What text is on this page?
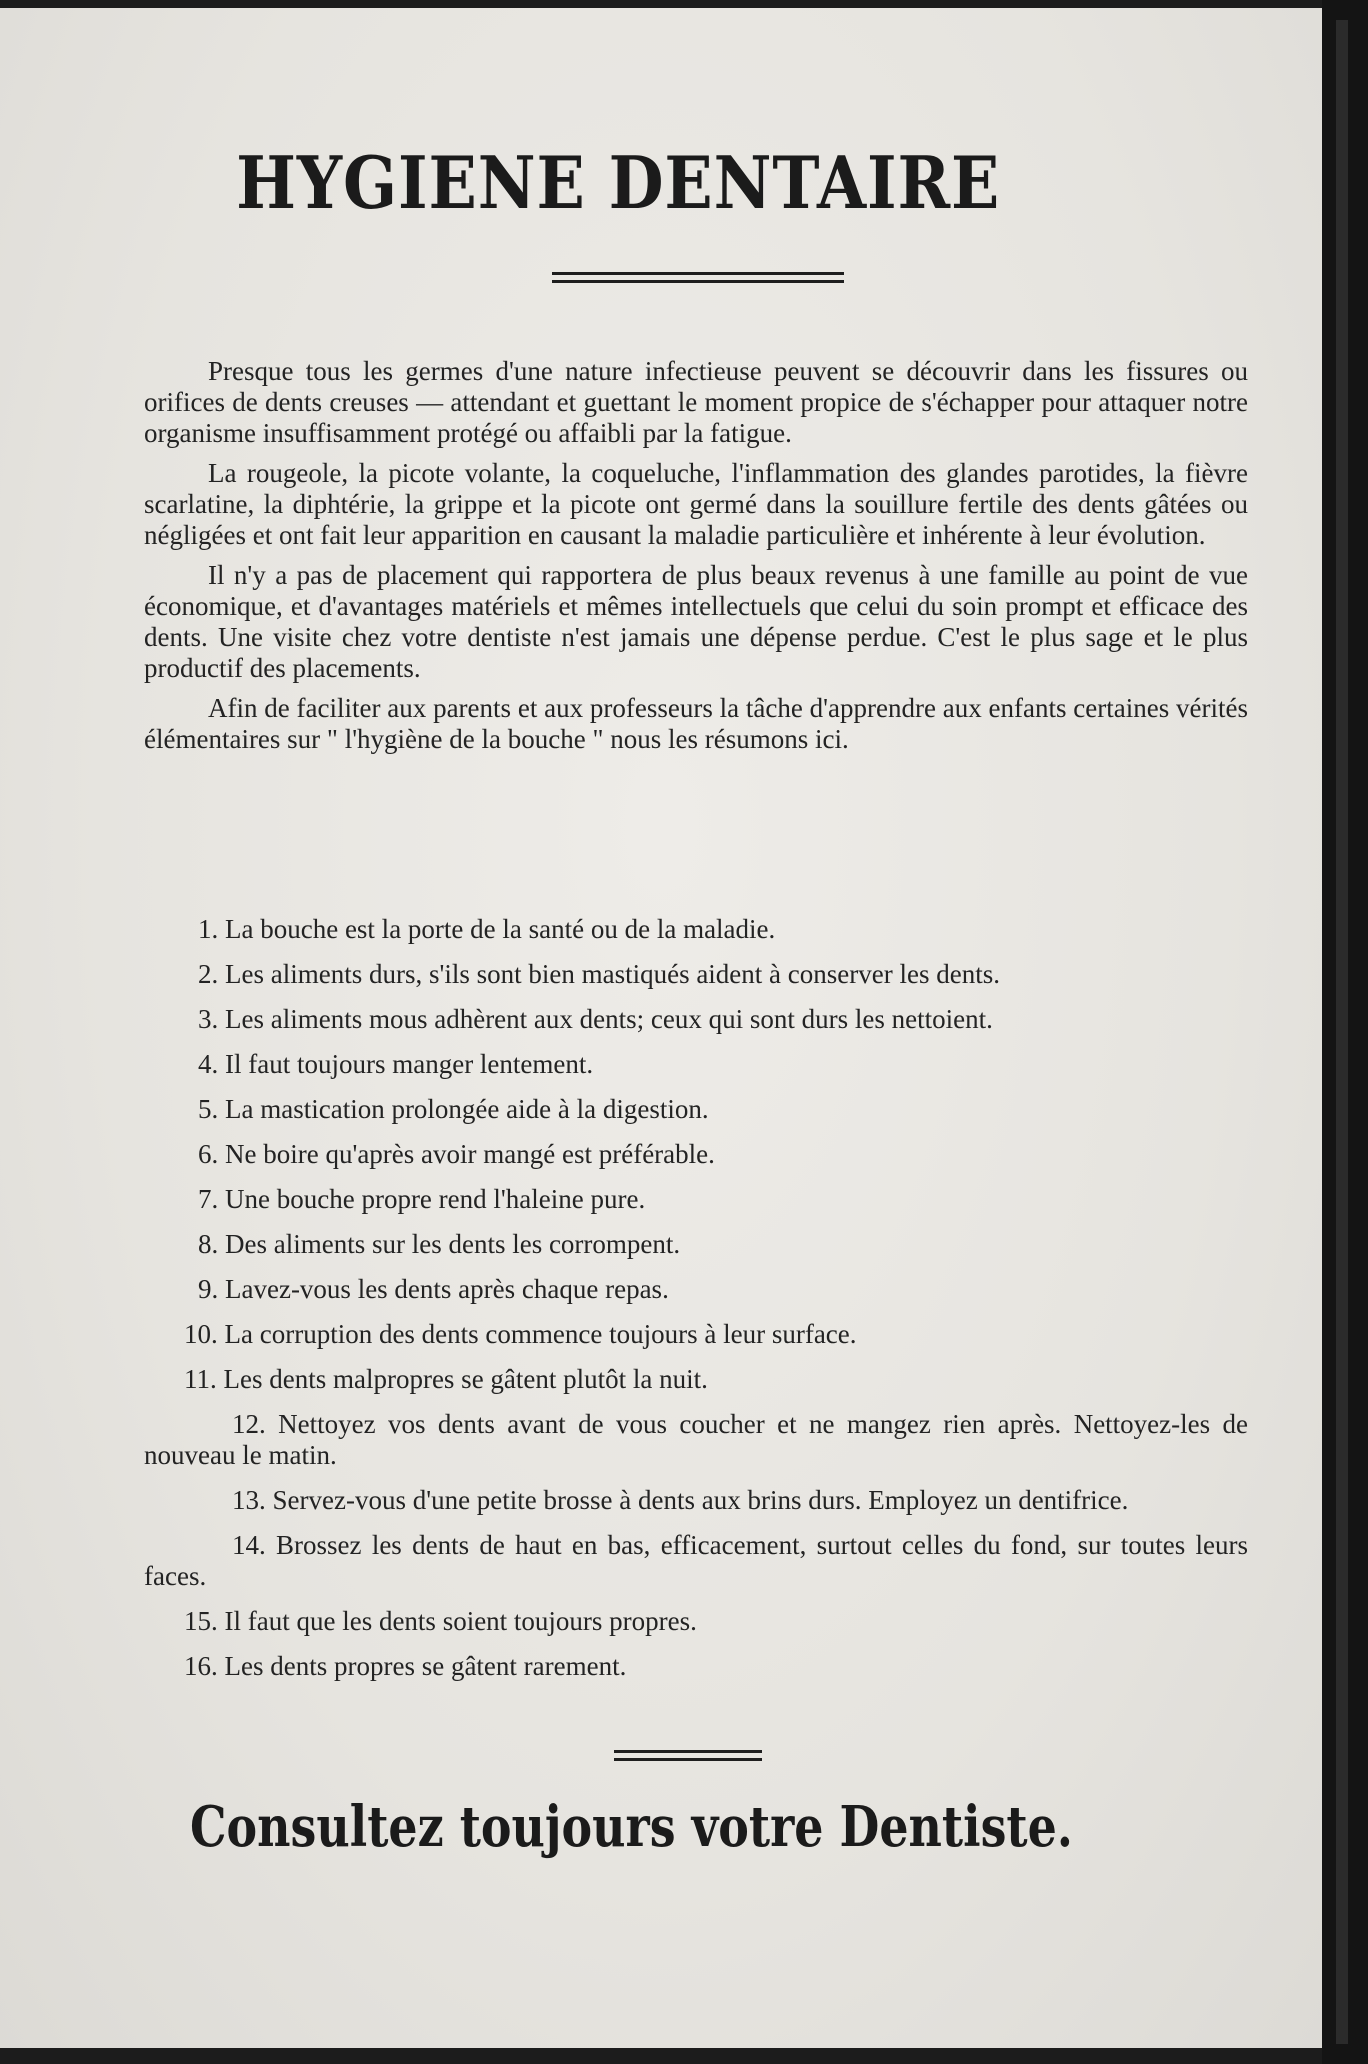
HYGIENE DENTAIRE

Presque tous les germes d'une nature infectieuse peuvent se découvrir dans les fissures ou orifices de dents creuses — attendant et guettant le moment propice de s'échapper pour attaquer notre organisme insuffisamment protégé ou affaibli par la fatigue.

La rougeole, la picote volante, la coqueluche, l'inflammation des glandes parotides, la fièvre scarlatine, la diphtérie, la grippe et la picote ont germé dans la souillure fertile des dents gâtées ou négligées et ont fait leur apparition en causant la maladie particulière et inhérente à leur évolution.

Il n'y a pas de placement qui rapportera de plus beaux revenus à une famille au point de vue économique, et d'avantages matériels et mêmes intellectuels que celui du soin prompt et efficace des dents. Une visite chez votre dentiste n'est jamais une dépense perdue. C'est le plus sage et le plus productif des placements.

Afin de faciliter aux parents et aux professeurs la tâche d'apprendre aux enfants certaines vérités élémentaires sur " l'hygiène de la bouche " nous les résumons ici.

1. La bouche est la porte de la santé ou de la maladie.
2. Les aliments durs, s'ils sont bien mastiqués aident à conserver les dents.
3. Les aliments mous adhèrent aux dents; ceux qui sont durs les nettoient.
4. Il faut toujours manger lentement.
5. La mastication prolongée aide à la digestion.
6. Ne boire qu'après avoir mangé est préférable.
7. Une bouche propre rend l'haleine pure.
8. Des aliments sur les dents les corrompent.
9. Lavez-vous les dents après chaque repas.
10. La corruption des dents commence toujours à leur surface.
11. Les dents malpropres se gâtent plutôt la nuit.
12. Nettoyez vos dents avant de vous coucher et ne mangez rien après. Nettoyez-les de nouveau le matin.
13. Servez-vous d'une petite brosse à dents aux brins durs. Employez un dentifrice.
14. Brossez les dents de haut en bas, efficacement, surtout celles du fond, sur toutes leurs faces.
15. Il faut que les dents soient toujours propres.
16. Les dents propres se gâtent rarement.
Consultez toujours votre Dentiste.
